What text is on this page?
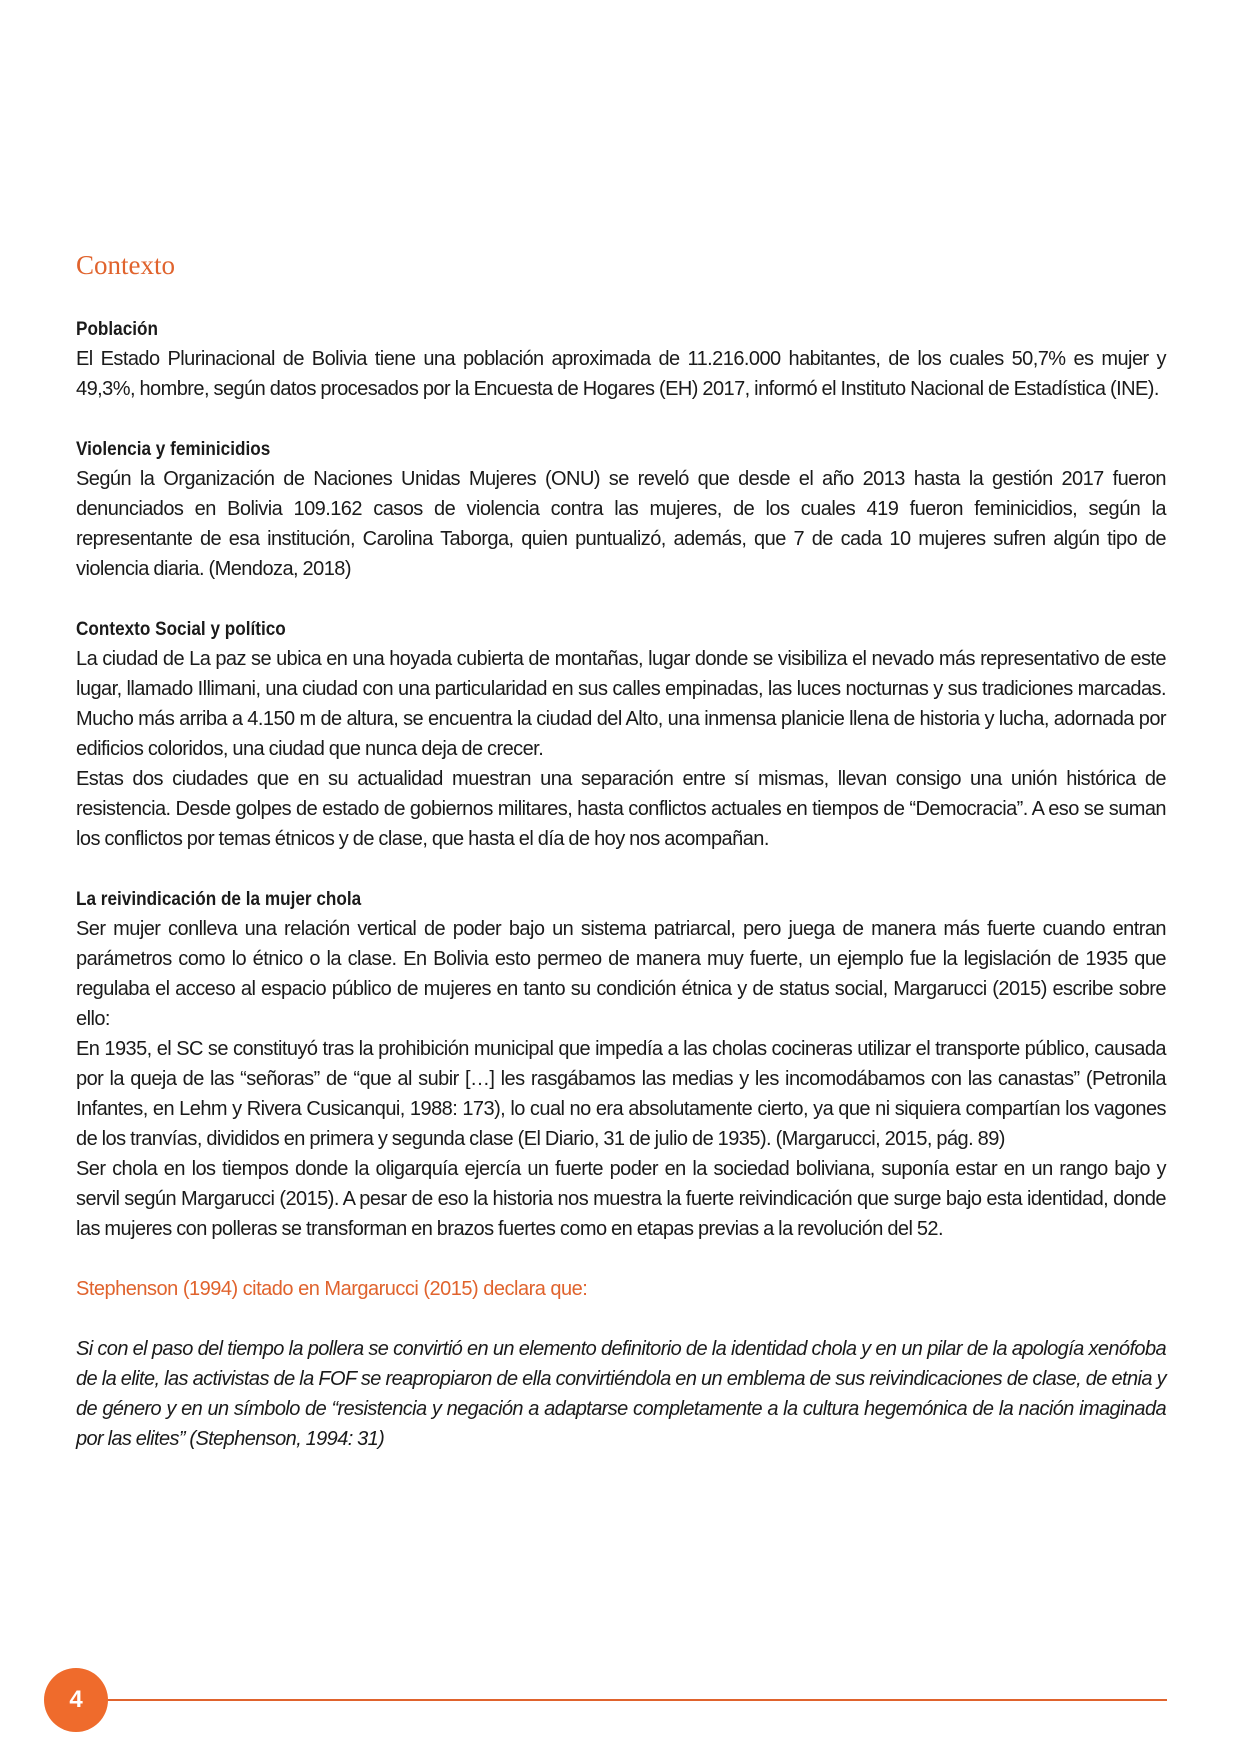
Contexto

Población

El Estado Plurinacional de Bolivia tiene una población aproximada de 11.216.000 habitantes, de los cuales 50,7% es mujer y 49,3%, hombre, según datos procesados por la Encuesta de Hogares (EH) 2017, informó el Instituto Nacional de Estadística (INE).

Violencia y feminicidios

Según la Organización de Naciones Unidas Mujeres (ONU) se reveló que desde el año 2013 hasta la gestión 2017 fueron denunciados en Bolivia 109.162 casos de violencia contra las mujeres, de los cuales 419 fueron feminicidios, según la representante de esa institución, Carolina Taborga, quien puntualizó, además, que 7 de cada 10 mujeres sufren algún tipo de violencia diaria. (Mendoza, 2018)

Contexto Social y político

La ciudad de La paz se ubica en una hoyada cubierta de montañas, lugar donde se visibiliza el nevado más representativo de este lugar, llamado Illimani, una ciudad con una particularidad en sus calles empinadas, las luces nocturnas y sus tradiciones marcadas. Mucho más arriba a 4.150 m de altura, se encuentra la ciudad del Alto, una inmensa planicie llena de historia y lucha, adornada por edificios coloridos, una ciudad que nunca deja de crecer.

Estas dos ciudades que en su actualidad muestran una separación entre sí mismas, llevan consigo una unión histórica de resistencia. Desde golpes de estado de gobiernos militares, hasta conflictos actuales en tiempos de “Democracia”. A eso se suman los conflictos por temas étnicos y de clase, que hasta el día de hoy nos acompañan.

La reivindicación de la mujer chola

Ser mujer conlleva una relación vertical de poder bajo un sistema patriarcal, pero juega de manera más fuerte cuando entran parámetros como lo étnico o la clase. En Bolivia esto permeo de manera muy fuerte, un ejemplo fue la legislación de 1935 que regulaba el acceso al espacio público de mujeres en tanto su condición étnica y de status social, Margarucci (2015) escribe sobre ello:

En 1935, el SC se constituyó tras la prohibición municipal que impedía a las cholas cocineras utilizar el transporte público, causada por la queja de las “señoras” de “que al subir […] les rasgábamos las medias y les incomodábamos con las canastas” (Petronila Infantes, en Lehm y Rivera Cusicanqui, 1988: 173), lo cual no era absolutamente cierto, ya que ni siquiera compartían los vagones de los tranvías, divididos en primera y segunda clase (El Diario, 31 de julio de 1935). (Margarucci, 2015, pág. 89)

Ser chola en los tiempos donde la oligarquía ejercía un fuerte poder en la sociedad boliviana, suponía estar en un rango bajo y servil según Margarucci (2015). A pesar de eso la historia nos muestra la fuerte reivindicación que surge bajo esta identidad, donde las mujeres con polleras se transforman en brazos fuertes como en etapas previas a la revolución del 52.

Stephenson (1994) citado en Margarucci (2015) declara que:

Si con el paso del tiempo la pollera se convirtió en un elemento definitorio de la identidad chola y en un pilar de la apología xenófoba de la elite, las activistas de la FOF se reapropiaron de ella convirtiéndola en un emblema de sus reivindicaciones de clase, de etnia y de género y en un símbolo de “resistencia y negación a adaptarse completamente a la cultura hegemónica de la nación imaginada por las elites” (Stephenson, 1994: 31)

4
